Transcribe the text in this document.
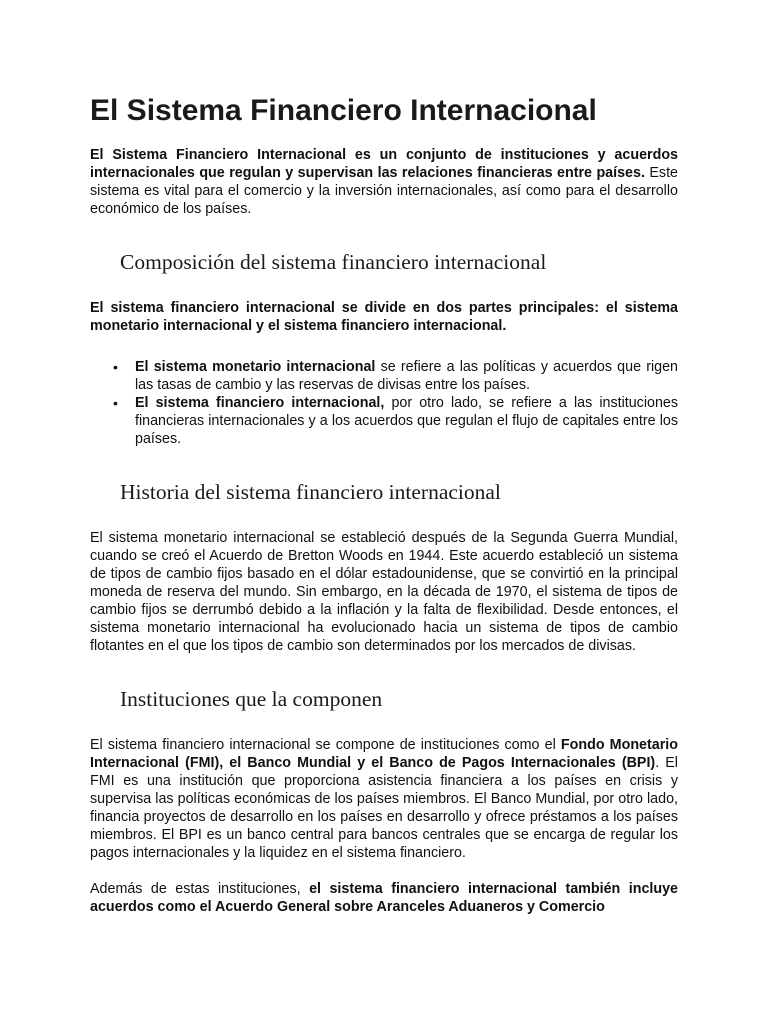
El Sistema Financiero Internacional

El Sistema Financiero Internacional es un conjunto de instituciones y acuerdos internacionales que regulan y supervisan las relaciones financieras entre países. Este sistema es vital para el comercio y la inversión internacionales, así como para el desarrollo económico de los países.

Composición del sistema financiero internacional

El sistema financiero internacional se divide en dos partes principales: el sistema monetario internacional y el sistema financiero internacional.

• El sistema monetario internacional se refiere a las políticas y acuerdos que rigen las tasas de cambio y las reservas de divisas entre los países.
• El sistema financiero internacional, por otro lado, se refiere a las instituciones financieras internacionales y a los acuerdos que regulan el flujo de capitales entre los países.
Historia del sistema financiero internacional

El sistema monetario internacional se estableció después de la Segunda Guerra Mundial, cuando se creó el Acuerdo de Bretton Woods en 1944. Este acuerdo estableció un sistema de tipos de cambio fijos basado en el dólar estadounidense, que se convirtió en la principal moneda de reserva del mundo. Sin embargo, en la década de 1970, el sistema de tipos de cambio fijos se derrumbó debido a la inflación y la falta de flexibilidad. Desde entonces, el sistema monetario internacional ha evolucionado hacia un sistema de tipos de cambio flotantes en el que los tipos de cambio son determinados por los mercados de divisas.

Instituciones que la componen

El sistema financiero internacional se compone de instituciones como el Fondo Monetario Internacional (FMI), el Banco Mundial y el Banco de Pagos Internacionales (BPI). El FMI es una institución que proporciona asistencia financiera a los países en crisis y supervisa las políticas económicas de los países miembros. El Banco Mundial, por otro lado, financia proyectos de desarrollo en los países en desarrollo y ofrece préstamos a los países miembros. El BPI es un banco central para bancos centrales que se encarga de regular los pagos internacionales y la liquidez en el sistema financiero.

Además de estas instituciones, el sistema financiero internacional también incluye acuerdos como el Acuerdo General sobre Aranceles Aduaneros y Comercio
